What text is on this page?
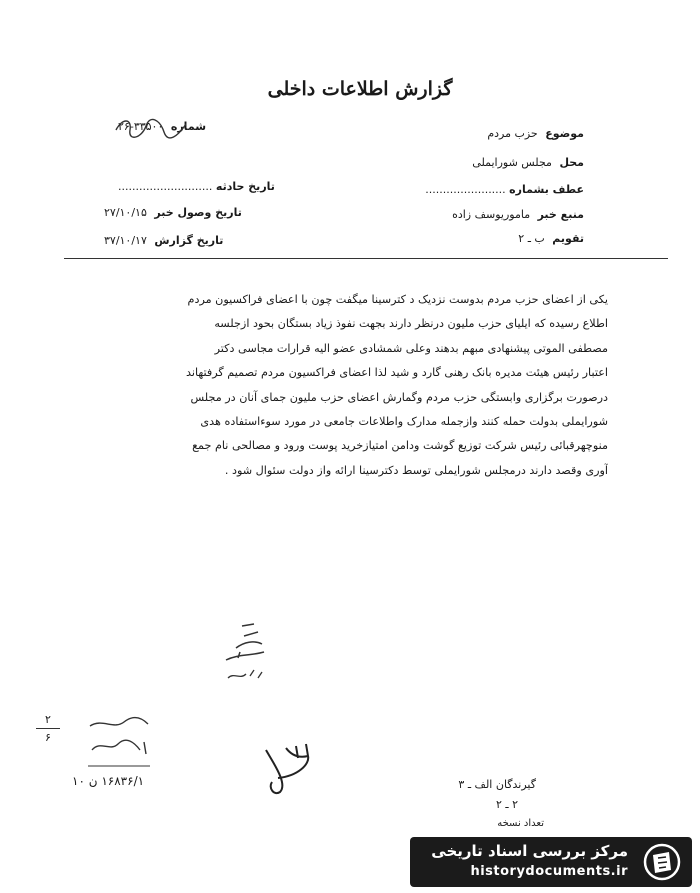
گزارش اطلاعات داخلی
شماره ۳۳۵۰۰-۲۶
موضوع حزب مردم
محل مجلس شورایملی
عطف بشماره .......................
منبع خبر ماموریوسف زاده
تقویم ب ـ ۲
تاریخ حادثه ...........................
تاریخ وصول خبر ۲۷/۱۰/۱۵
تاریخ گزارش ۳۷/۱۰/۱۷
یکی از اعضای حزب مردم بدوست نزدیک د کترسینا میگفت چون با اعضای فراکسیون مردم
اطلاع رسیده که ایلیای حزب ملیون درنظر دارند بجهت نفوذ زیاد بستگان بحود ازجلسه
مصطفی الموتی پیشنهادی مبهم بدهند وعلی شمشادی عضو الیه قرارات مجاسی دکتر
اعتبار رئیس هیئت مدیره بانک رهنی گارد و شید لذا اعضای فراکسیون مردم تصمیم گرفتهاند
درصورت برگزاری وابستگی حزب مردم وگمارش اعضای حزب ملیون جمای آنان در مجلس
شورایملی بدولت حمله کنند وازجمله مدارک واطلاعات جامعی در مورد سوءاستفاده هدی
منوچهرقبائی رئیس شرکت توزیع گوشت ودامن امتیازخرید پوست ورود و مصالحی نام جمع
آوری وقصد دارند درمجلس شورایملی توسط دکترسینا ارائه واز دولت سئوال شود .
۲
۶
۱۶۸۳۶/۱ ن ۱۰	گیرندگان الف ـ ۳
۲ ـ ۲
تعداد نسخه
مرکز بررسی اسناد تاریخی
historydocuments.ir
